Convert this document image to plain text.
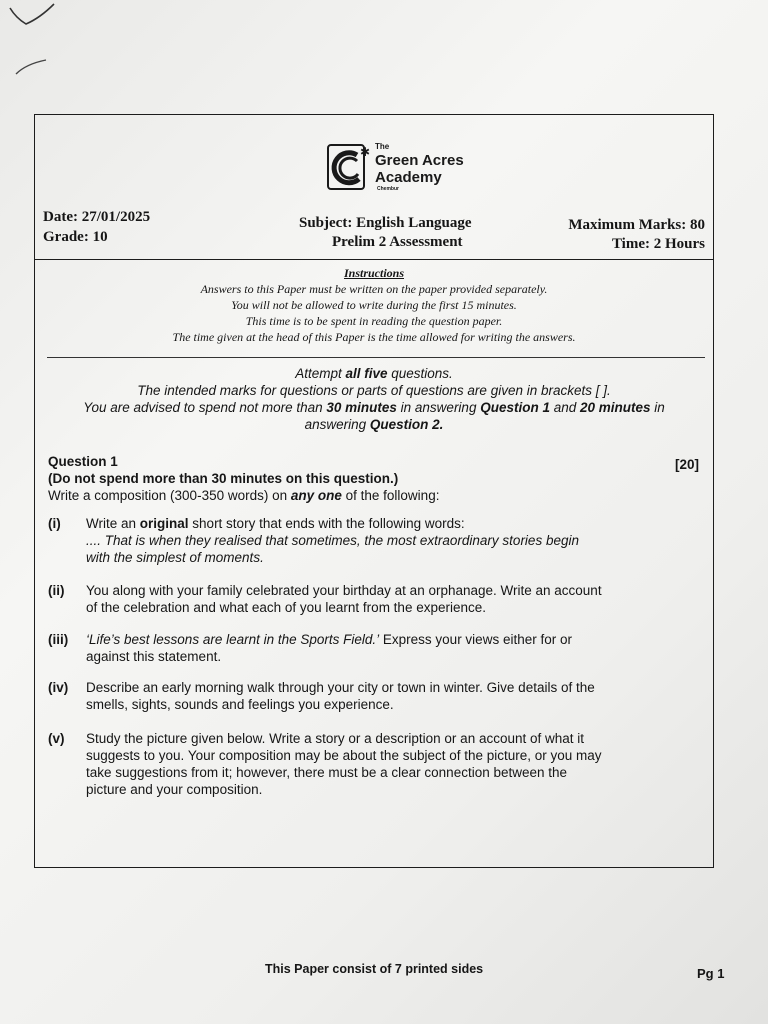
✱ The
Green Acres
Academy
Chembur
Date: 27/01/2025
Grade: 10
Subject: English Language
Prelim 2 Assessment
Maximum Marks: 80
Time: 2 Hours
Instructions
Answers to this Paper must be written on the paper provided separately.
You will not be allowed to write during the first 15 minutes.
This time is to be spent in reading the question paper.
The time given at the head of this Paper is the time allowed for writing the answers.
Attempt all five questions.
The intended marks for questions or parts of questions are given in brackets [ ].
You are advised to spend not more than 30 minutes in answering Question 1 and 20 minutes in
answering Question 2.
Question 1
(Do not spend more than 30 minutes on this question.)
Write a composition (300-350 words) on any one of the following:
[20]
(i) Write an original short story that ends with the following words:
.... That is when they realised that sometimes, the most extraordinary stories begin
with the simplest of moments.
(ii) You along with your family celebrated your birthday at an orphanage. Write an account
of the celebration and what each of you learnt from the experience.
(iii) ‘Life’s best lessons are learnt in the Sports Field.’ Express your views either for or
against this statement.
(iv) Describe an early morning walk through your city or town in winter. Give details of the
smells, sights, sounds and feelings you experience.
(v) Study the picture given below. Write a story or a description or an account of what it
suggests to you. Your composition may be about the subject of the picture, or you may
take suggestions from it; however, there must be a clear connection between the
picture and your composition.
This Paper consist of 7 printed sides	Pg 1
